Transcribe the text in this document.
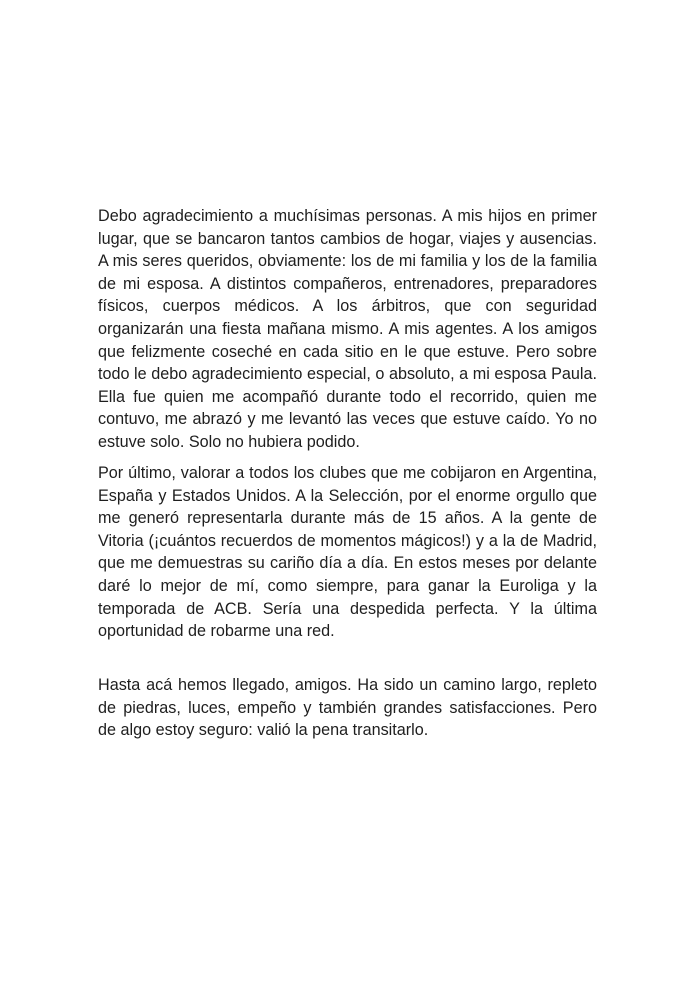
Debo agradecimiento a muchísimas personas. A mis hijos en primer lugar, que se bancaron tantos cambios de hogar, viajes y ausencias. A mis seres queridos, obviamente: los de mi familia y los de la familia de mi esposa. A distintos compañeros, entrenadores, preparadores físicos, cuerpos médicos. A los árbitros, que con seguridad organizarán una fiesta mañana mismo. A mis agentes. A los amigos que felizmente coseché en cada sitio en le que estuve. Pero sobre todo le debo agradecimiento especial, o absoluto, a mi esposa Paula. Ella fue quien me acompañó durante todo el recorrido, quien me contuvo, me abrazó y me levantó las veces que estuve caído. Yo no estuve solo. Solo no hubiera podido.

Por último, valorar a todos los clubes que me cobijaron en Argentina, España y Estados Unidos. A la Selección, por el enorme orgullo que me generó representarla durante más de 15 años. A la gente de Vitoria (¡cuántos recuerdos de momentos mágicos!) y a la de Madrid, que me demuestras su cariño día a día. En estos meses por delante daré lo mejor de mí, como siempre, para ganar la Euroliga y la temporada de ACB. Sería una despedida perfecta. Y la última oportunidad de robarme una red.

Hasta acá hemos llegado, amigos. Ha sido un camino largo, repleto de piedras, luces, empeño y también grandes satisfacciones. Pero de algo estoy seguro: valió la pena transitarlo.
